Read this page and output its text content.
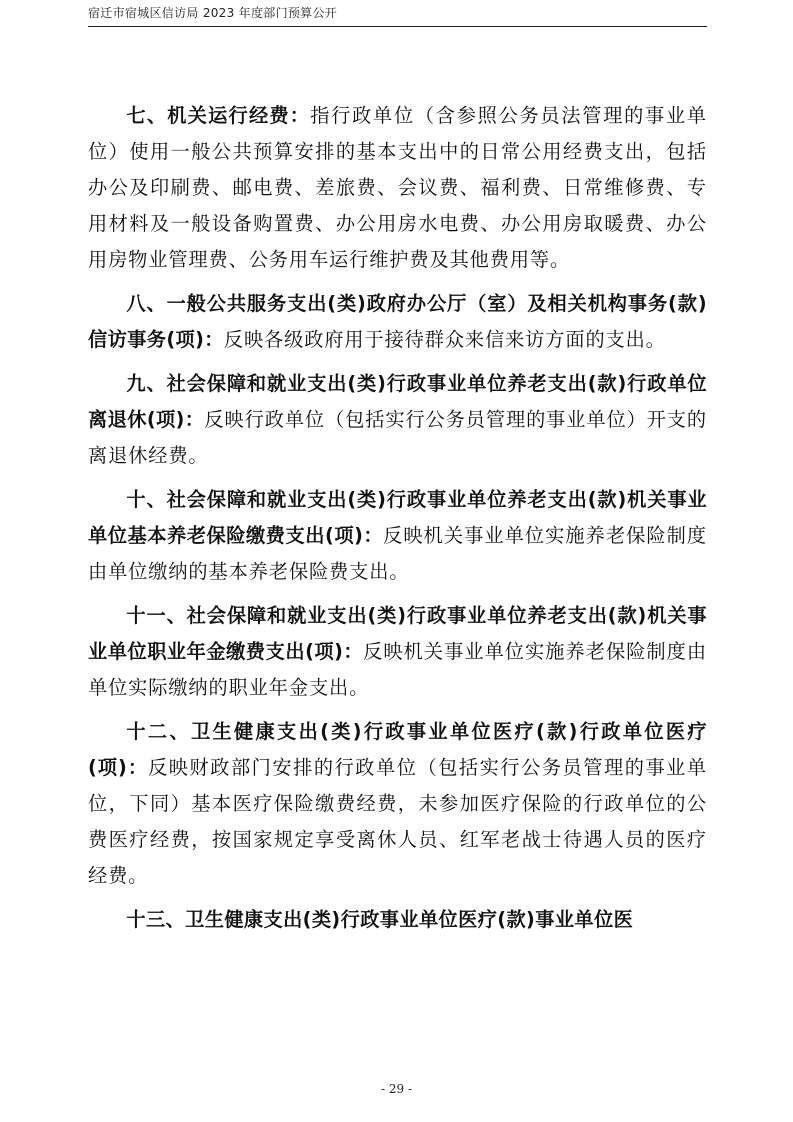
宿迁市宿城区信访局 2023 年度部门预算公开

七、机关运行经费：指行政单位（含参照公务员法管理的事业单位）使用一般公共预算安排的基本支出中的日常公用经费支出，包括办公及印刷费、邮电费、差旅费、会议费、福利费、日常维修费、专用材料及一般设备购置费、办公用房水电费、办公用房取暖费、办公用房物业管理费、公务用车运行维护费及其他费用等。

八、一般公共服务支出(类)政府办公厅（室）及相关机构事务(款)信访事务(项)：反映各级政府用于接待群众来信来访方面的支出。

九、社会保障和就业支出(类)行政事业单位养老支出(款)行政单位离退休(项)：反映行政单位（包括实行公务员管理的事业单位）开支的离退休经费。

十、社会保障和就业支出(类)行政事业单位养老支出(款)机关事业单位基本养老保险缴费支出(项)：反映机关事业单位实施养老保险制度由单位缴纳的基本养老保险费支出。

十一、社会保障和就业支出(类)行政事业单位养老支出(款)机关事业单位职业年金缴费支出(项)：反映机关事业单位实施养老保险制度由单位实际缴纳的职业年金支出。

十二、卫生健康支出(类)行政事业单位医疗(款)行政单位医疗(项)：反映财政部门安排的行政单位（包括实行公务员管理的事业单位，下同）基本医疗保险缴费经费，未参加医疗保险的行政单位的公费医疗经费，按国家规定享受离休人员、红军老战士待遇人员的医疗经费。

十三、卫生健康支出(类)行政事业单位医疗(款)事业单位医

- 29 -
